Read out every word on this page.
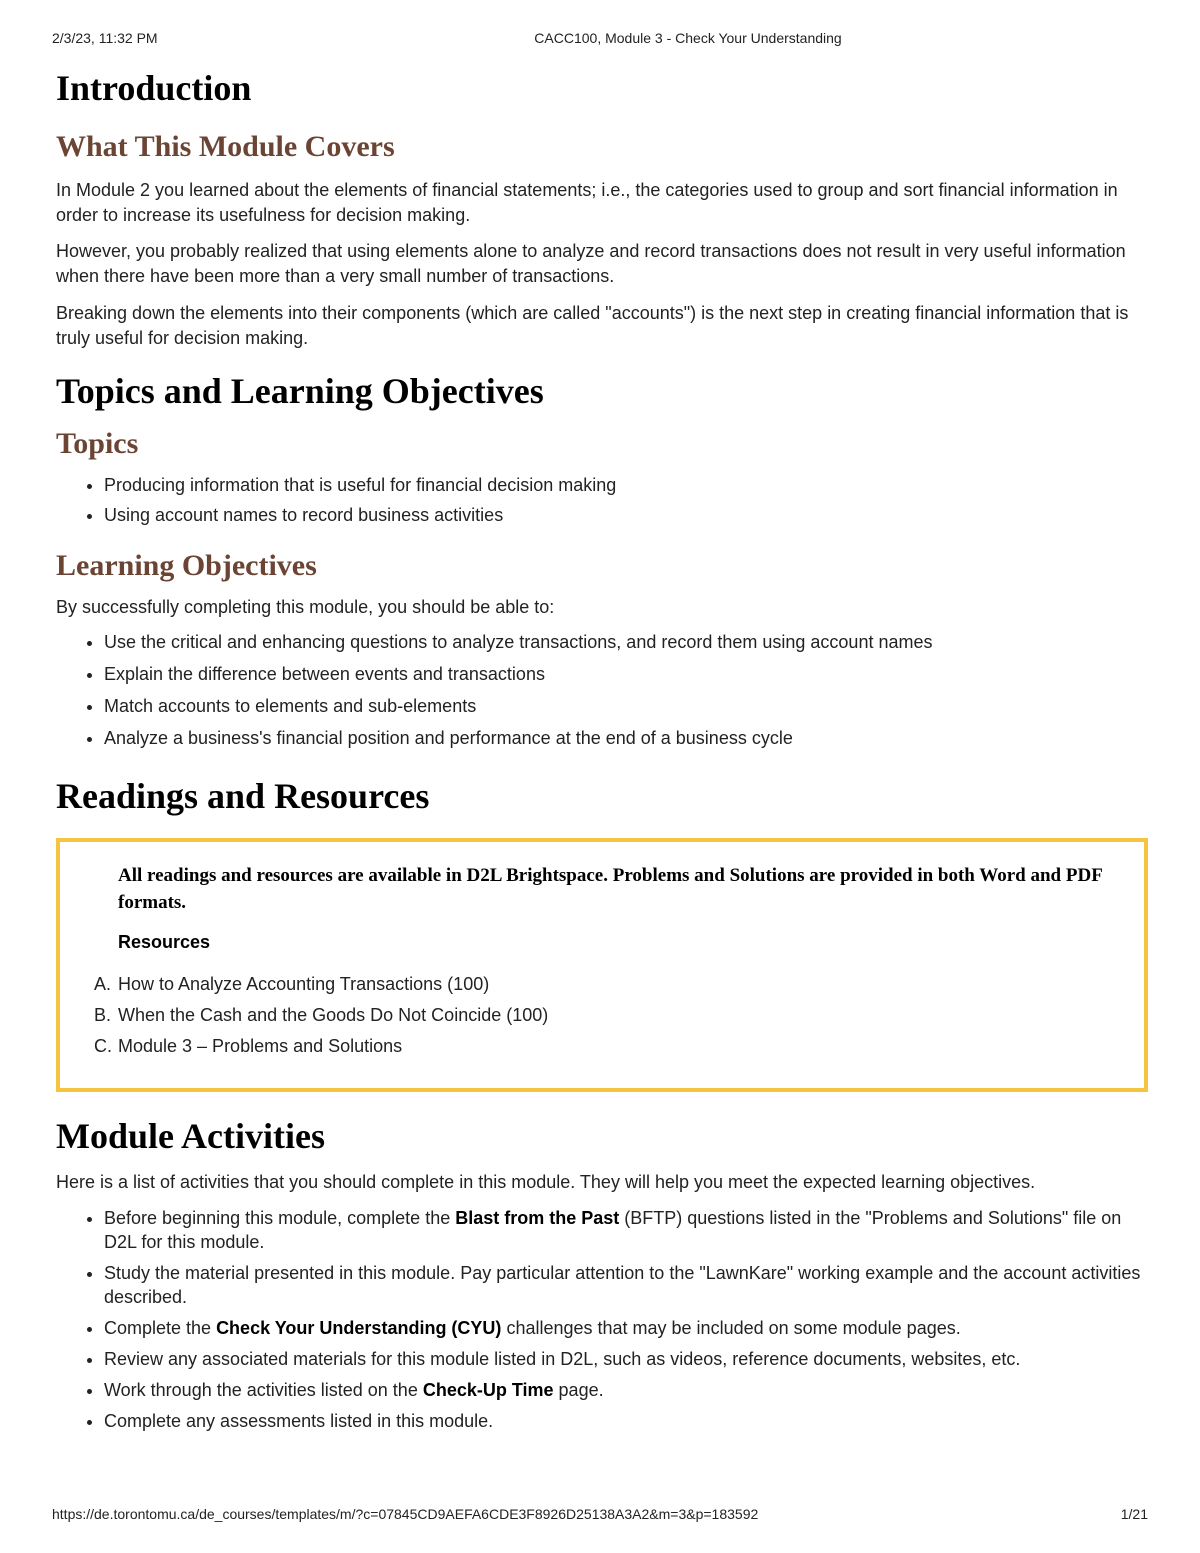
2/3/23, 11:32 PM	CACC100, Module 3 - Check Your Understanding
Introduction
What This Module Covers

In Module 2 you learned about the elements of financial statements; i.e., the categories used to group and sort financial information in order to increase its usefulness for decision making.

However, you probably realized that using elements alone to analyze and record transactions does not result in very useful information when there have been more than a very small number of transactions.

Breaking down the elements into their components (which are called "accounts") is the next step in creating financial information that is truly useful for decision making.

Topics and Learning Objectives
Topics
• Producing information that is useful for financial decision making
• Using account names to record business activities
Learning Objectives

By successfully completing this module, you should be able to:

• Use the critical and enhancing questions to analyze transactions, and record them using account names
• Explain the difference between events and transactions
• Match accounts to elements and sub-elements
• Analyze a business's financial position and performance at the end of a business cycle
Readings and Resources
All readings and resources are available in D2L Brightspace. Problems and Solutions are provided in both Word and PDF formats.
Resources
A. How to Analyze Accounting Transactions (100)
B. When the Cash and the Goods Do Not Coincide (100)
C. Module 3 – Problems and Solutions
Module Activities

Here is a list of activities that you should complete in this module. They will help you meet the expected learning objectives.

• Before beginning this module, complete the Blast from the Past (BFTP) questions listed in the "Problems and Solutions" file on D2L for this module.
• Study the material presented in this module. Pay particular attention to the "LawnKare" working example and the account activities described.
• Complete the Check Your Understanding (CYU) challenges that may be included on some module pages.
• Review any associated materials for this module listed in D2L, such as videos, reference documents, websites, etc.
• Work through the activities listed on the Check-Up Time page.
• Complete any assessments listed in this module.
https://de.torontomu.ca/de_courses/templates/m/?c=07845CD9AEFA6CDE3F8926D25138A3A2&m=3&p=183592	1/21
